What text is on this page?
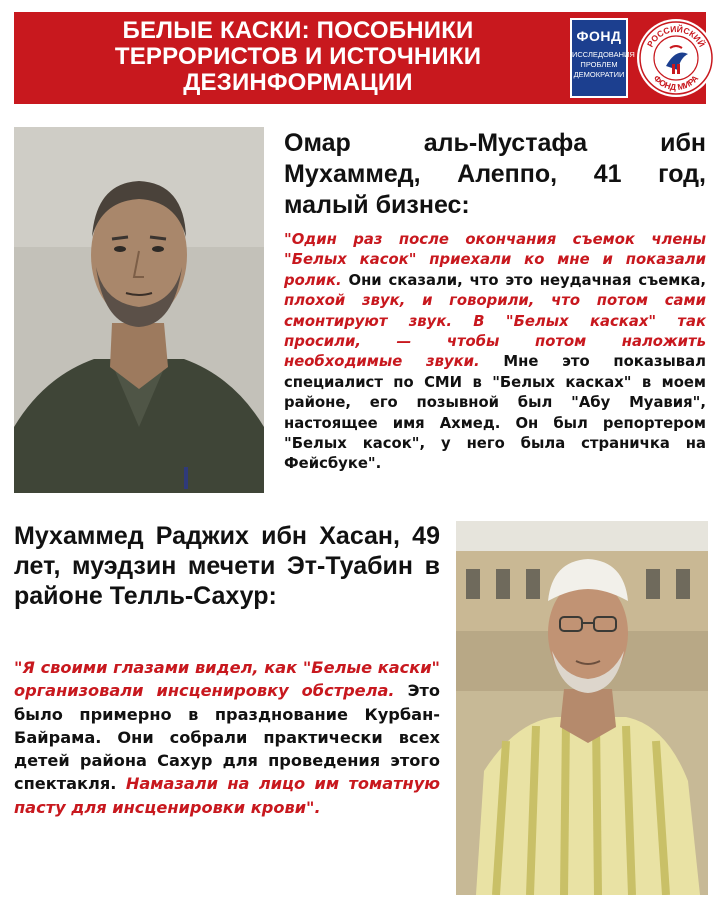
БЕЛЫЕ КАСКИ: ПОСОБНИКИ ТЕРРОРИСТОВ И ИСТОЧНИКИ ДЕЗИНФОРМАЦИИ
ФОНД
ИССЛЕДОВАНИЯ ПРОБЛЕМ ДЕМОКРАТИИ
РОССИЙСКИЙ
ФОНД МИРА
Омар аль-Мустафа ибн Мухаммед, Алеппо, 41 год, малый бизнес:
"Один раз после окончания съемок члены "Белых касок" приехали ко мне и показали ролик. Они сказали, что это неудачная съемка, плохой звук, и говорили, что потом сами смонтируют звук. В "Белых касках" так просили, — чтобы потом наложить необходимые звуки. Мне это показывал специалист по СМИ в "Белых касках" в моем районе, его позывной был "Абу Муавия", настоящее имя Ахмед. Он был репортером "Белых касок", у него была страничка на Фейсбуке".
Мухаммед Раджих ибн Хасан, 49 лет, муэдзин мечети Эт-Туабин в районе Телль-Сахур:
"Я своими глазами видел, как "Белые каски" организовали инсценировку обстрела. Это было примерно в празднование Курбан-Байрама. Они собрали практически всех детей района Сахур для проведения этого спектакля. Намазали на лицо им томатную пасту для инсценировки крови".
